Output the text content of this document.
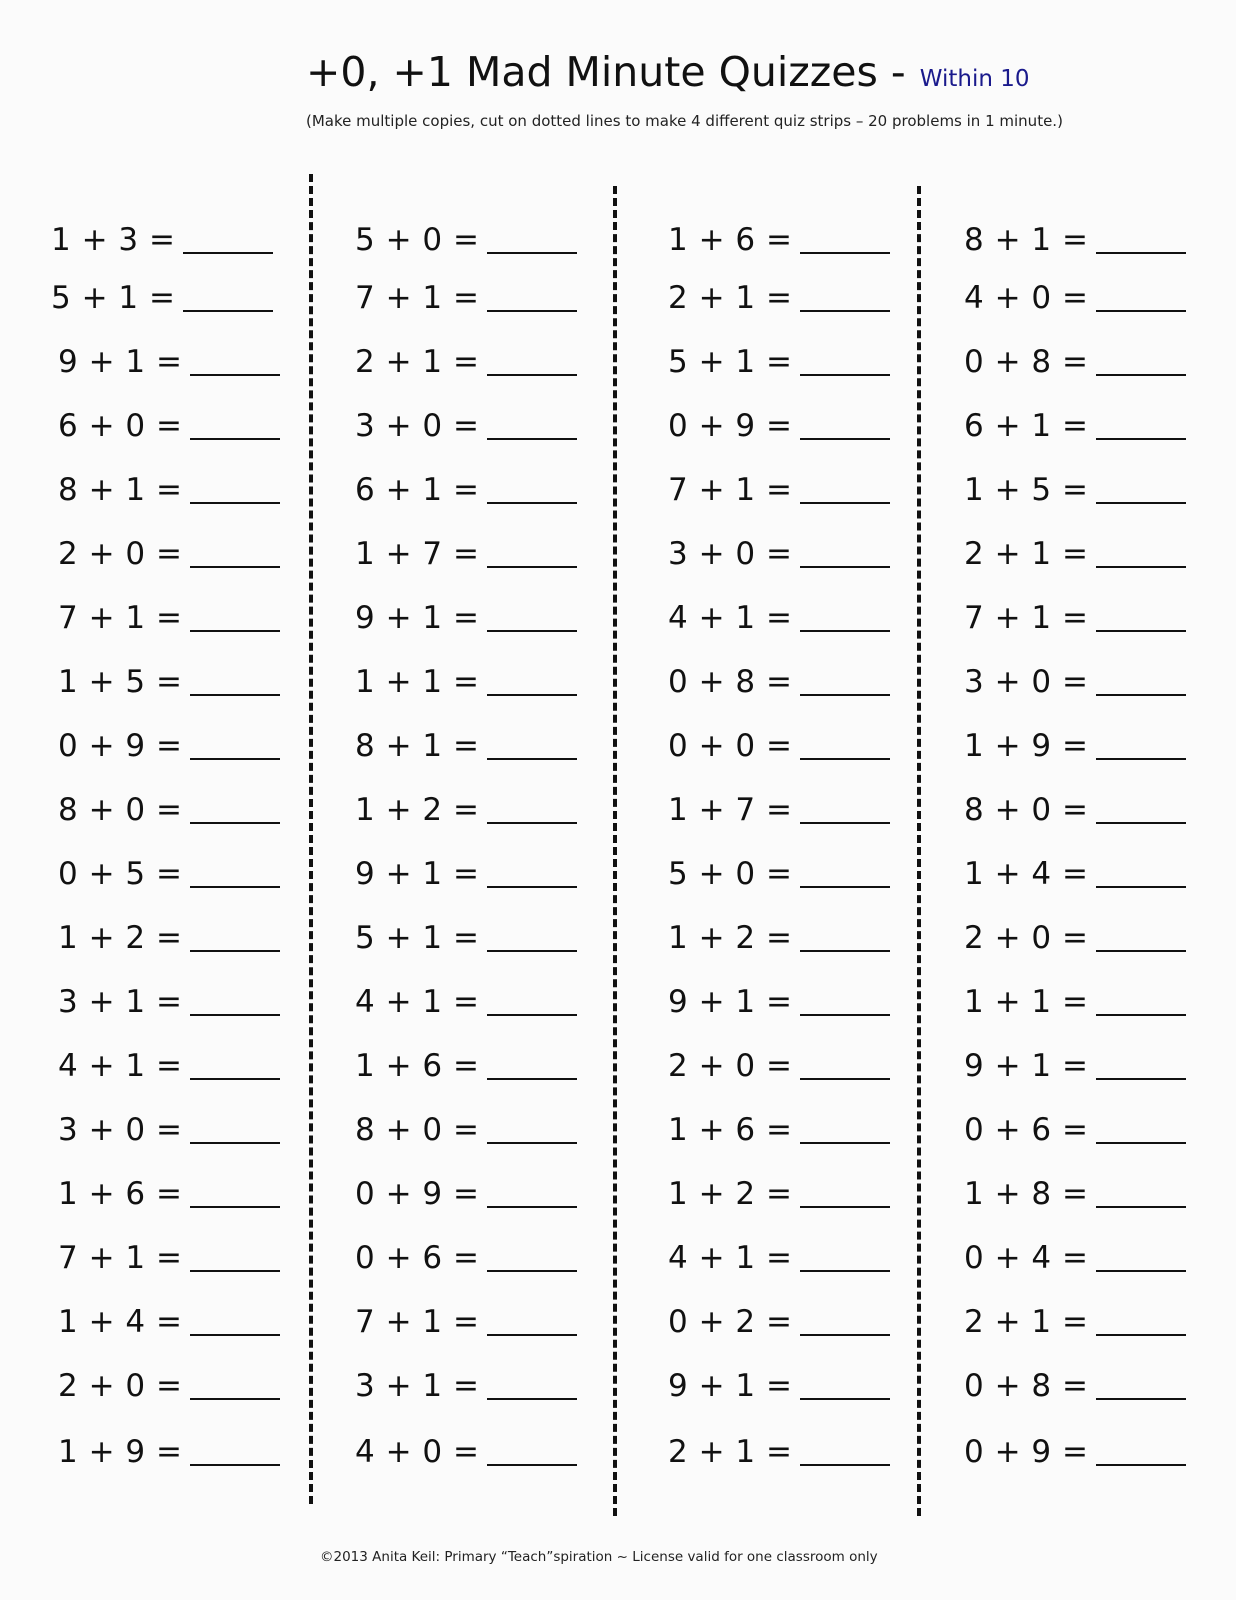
+0, +1 Mad Minute Quizzes - Within 10
(Make multiple copies, cut on dotted lines to make 4 different quiz strips – 20 problems in 1 minute.)
1 + 3 =
5 + 1 =
9 + 1 =
6 + 0 =
8 + 1 =
2 + 0 =
7 + 1 =
1 + 5 =
0 + 9 =
8 + 0 =
0 + 5 =
1 + 2 =
3 + 1 =
4 + 1 =
3 + 0 =
1 + 6 =
7 + 1 =
1 + 4 =
2 + 0 =
1 + 9 =
5 + 0 =
7 + 1 =
2 + 1 =
3 + 0 =
6 + 1 =
1 + 7 =
9 + 1 =
1 + 1 =
8 + 1 =
1 + 2 =
9 + 1 =
5 + 1 =
4 + 1 =
1 + 6 =
8 + 0 =
0 + 9 =
0 + 6 =
7 + 1 =
3 + 1 =
4 + 0 =
1 + 6 =
2 + 1 =
5 + 1 =
0 + 9 =
7 + 1 =
3 + 0 =
4 + 1 =
0 + 8 =
0 + 0 =
1 + 7 =
5 + 0 =
1 + 2 =
9 + 1 =
2 + 0 =
1 + 6 =
1 + 2 =
4 + 1 =
0 + 2 =
9 + 1 =
2 + 1 =
8 + 1 =
4 + 0 =
0 + 8 =
6 + 1 =
1 + 5 =
2 + 1 =
7 + 1 =
3 + 0 =
1 + 9 =
8 + 0 =
1 + 4 =
2 + 0 =
1 + 1 =
9 + 1 =
0 + 6 =
1 + 8 =
0 + 4 =
2 + 1 =
0 + 8 =
0 + 9 =
©2013 Anita Keil: Primary “Teach”spiration ~ License valid for one classroom only
